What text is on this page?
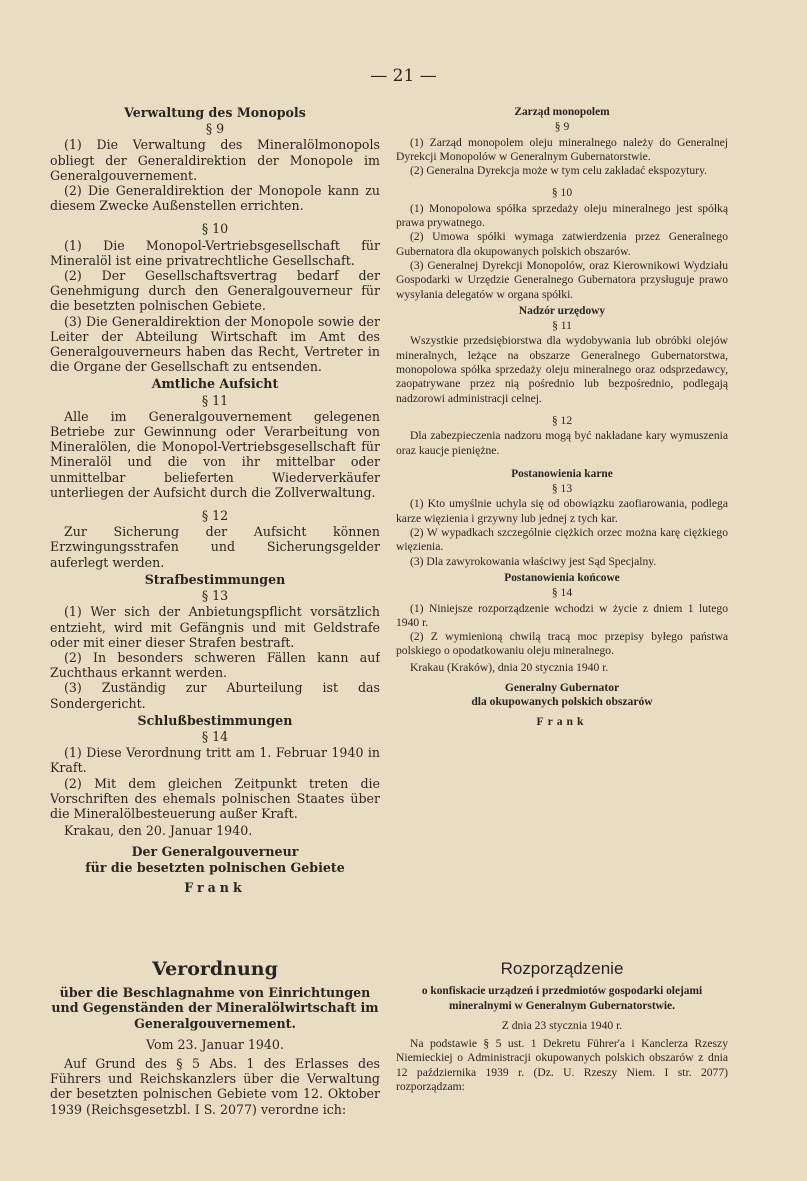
— 21 —

Verwaltung des Monopols

§ 9

(1) Die Verwaltung des Mineralölmonopols obliegt der Generaldirektion der Monopole im Generalgouvernement.

(2) Die Generaldirektion der Monopole kann zu diesem Zwecke Außenstellen errichten.

§ 10

(1) Die Monopol-Vertriebsgesellschaft für Mineralöl ist eine privatrechtliche Gesellschaft.

(2) Der Gesellschaftsvertrag bedarf der Genehmigung durch den Generalgouverneur für die besetzten polnischen Gebiete.

(3) Die Generaldirektion der Monopole sowie der Leiter der Abteilung Wirtschaft im Amt des Generalgouverneurs haben das Recht, Vertreter in die Organe der Gesellschaft zu entsenden.

Amtliche Aufsicht

§ 11

Alle im Generalgouvernement gelegenen Betriebe zur Gewinnung oder Verarbeitung von Mineralölen, die Monopol-Vertriebsgesellschaft für Mineralöl und die von ihr mittelbar oder unmittelbar belieferten Wiederverkäufer unterliegen der Aufsicht durch die Zollverwaltung.

§ 12

Zur Sicherung der Aufsicht können Erzwingungsstrafen und Sicherungsgelder auferlegt werden.

Strafbestimmungen

§ 13

(1) Wer sich der Anbietungspflicht vorsätzlich entzieht, wird mit Gefängnis und mit Geldstrafe oder mit einer dieser Strafen bestraft.

(2) In besonders schweren Fällen kann auf Zuchthaus erkannt werden.

(3) Zuständig zur Aburteilung ist das Sondergericht.

Schlußbestimmungen

§ 14

(1) Diese Verordnung tritt am 1. Februar 1940 in Kraft.

(2) Mit dem gleichen Zeitpunkt treten die Vorschriften des ehemals polnischen Staates über die Mineralölbesteuerung außer Kraft.

Krakau, den 20. Januar 1940.

Der Generalgouverneur

für die besetzten polnischen Gebiete

Frank

Zarząd monopolem

§ 9

(1) Zarząd monopolem oleju mineralnego należy do Generalnej Dyrekcji Monopolów w Generalnym Gubernatorstwie.

(2) Generalna Dyrekcja może w tym celu zakładać ekspozytury.

§ 10

(1) Monopolowa spółka sprzedaży oleju mineralnego jest spółką prawa prywatnego.

(2) Umowa spółki wymaga zatwierdzenia przez Generalnego Gubernatora dla okupowanych polskich obszarów.

(3) Generalnej Dyrekcji Monopolów, oraz Kierownikowi Wydziału Gospodarki w Urzędzie Generalnego Gubernatora przysługuje prawo wysyłania delegatów w organa spółki.

Nadzór urzędowy

§ 11

Wszystkie przedsiębiorstwa dla wydobywania lub obróbki olejów mineralnych, leżące na obszarze Generalnego Gubernatorstwa, monopolowa spółka sprzedaży oleju mineralnego oraz odsprzedawcy, zaopatrywane przez nią pośrednio lub bezpośrednio, podlegają nadzorowi administracji celnej.

§ 12

Dla zabezpieczenia nadzoru mogą być nakładane kary wymuszenia oraz kaucje pieniężne.

Postanowienia karne

§ 13

(1) Kto umyślnie uchyla się od obowiązku zaofiarowania, podlega karze więzienia i grzywny lub jednej z tych kar.

(2) W wypadkach szczególnie ciężkich orzec można karę ciężkiego więzienia.

(3) Dla zawyrokowania właściwy jest Sąd Specjalny.

Postanowienia końcowe

§ 14

(1) Niniejsze rozporządzenie wchodzi w życie z dniem 1 lutego 1940 r.

(2) Z wymienioną chwilą tracą moc przepisy byłego państwa polskiego o opodatkowaniu oleju mineralnego.

Krakau (Kraków), dnia 20 stycznia 1940 r.

Generalny Gubernator

dla okupowanych polskich obszarów

Frank

Verordnung

über die Beschlagnahme von Einrichtungen und Gegenständen der Mineralölwirtschaft im Generalgouvernement.

Vom 23. Januar 1940.

Auf Grund des § 5 Abs. 1 des Erlasses des Führers und Reichskanzlers über die Verwaltung der besetzten polnischen Gebiete vom 12. Oktober 1939 (Reichsgesetzbl. I S. 2077) verordne ich:

Rozporządzenie

o konfiskacie urządzeń i przedmiotów gospodarki olejami mineralnymi w Generalnym Gubernatorstwie.

Z dnia 23 stycznia 1940 r.

Na podstawie § 5 ust. 1 Dekretu Führer'a i Kanclerza Rzeszy Niemieckiej o Administracji okupowanych polskich obszarów z dnia 12 października 1939 r. (Dz. U. Rzeszy Niem. I str. 2077) rozporządzam:
